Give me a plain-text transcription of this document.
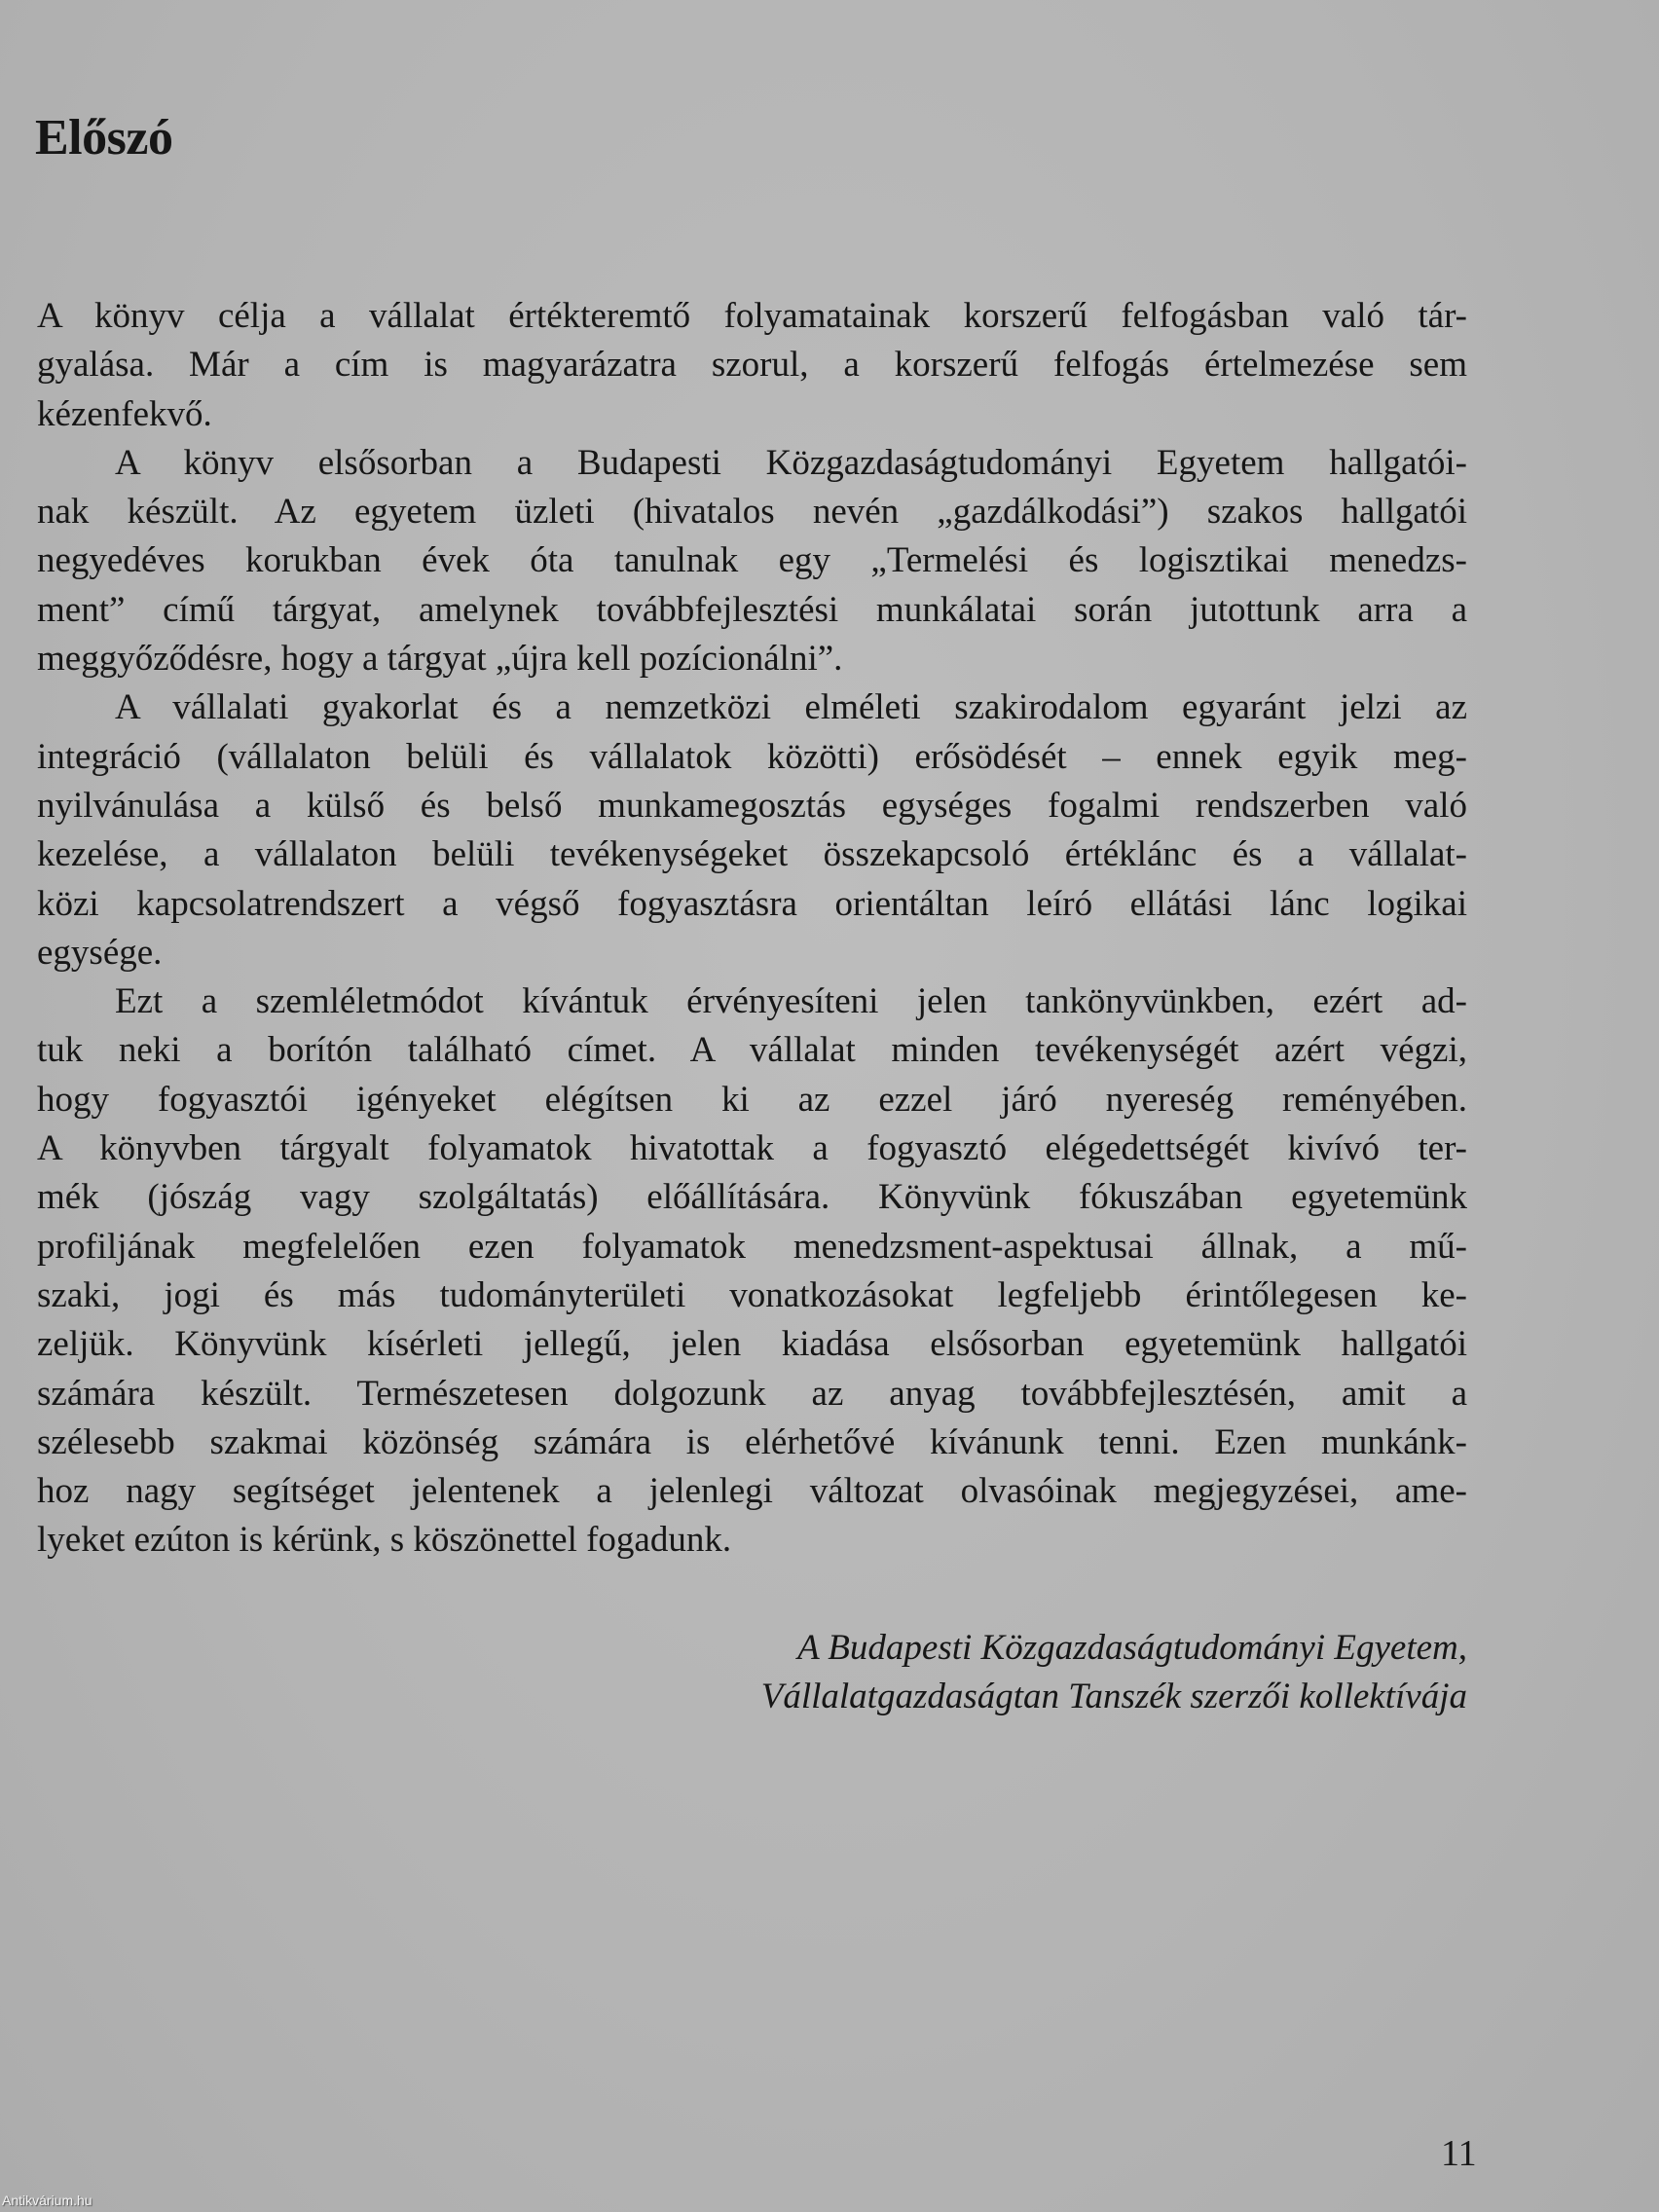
Előszó
A könyv célja a vállalat értékteremtő folyamatainak korszerű felfogásban való tár-
gyalása. Már a cím is magyarázatra szorul, a korszerű felfogás értelmezése sem
kézenfekvő.
A könyv elsősorban a Budapesti Közgazdaságtudományi Egyetem hallgatói-
nak készült. Az egyetem üzleti (hivatalos nevén „gazdálkodási”) szakos hallgatói
negyedéves korukban évek óta tanulnak egy „Termelési és logisztikai menedzs-
ment” című tárgyat, amelynek továbbfejlesztési munkálatai során jutottunk arra a
meggyőződésre, hogy a tárgyat „újra kell pozícionálni”.
A vállalati gyakorlat és a nemzetközi elméleti szakirodalom egyaránt jelzi az
integráció (vállalaton belüli és vállalatok közötti) erősödését – ennek egyik meg-
nyilvánulása a külső és belső munkamegosztás egységes fogalmi rendszerben való
kezelése, a vállalaton belüli tevékenységeket összekapcsoló értéklánc és a vállalat-
közi kapcsolatrendszert a végső fogyasztásra orientáltan leíró ellátási lánc logikai
egysége.
Ezt a szemléletmódot kívántuk érvényesíteni jelen tankönyvünkben, ezért ad-
tuk neki a borítón található címet. A vállalat minden tevékenységét azért végzi,
hogy fogyasztói igényeket elégítsen ki az ezzel járó nyereség reményében.
A könyvben tárgyalt folyamatok hivatottak a fogyasztó elégedettségét kivívó ter-
mék (jószág vagy szolgáltatás) előállítására. Könyvünk fókuszában egyetemünk
profiljának megfelelően ezen folyamatok menedzsment-aspektusai állnak, a mű-
szaki, jogi és más tudományterületi vonatkozásokat legfeljebb érintőlegesen ke-
zeljük. Könyvünk kísérleti jellegű, jelen kiadása elsősorban egyetemünk hallgatói
számára készült. Természetesen dolgozunk az anyag továbbfejlesztésén, amit a
szélesebb szakmai közönség számára is elérhetővé kívánunk tenni. Ezen munkánk-
hoz nagy segítséget jelentenek a jelenlegi változat olvasóinak megjegyzései, ame-
lyeket ezúton is kérünk, s köszönettel fogadunk.
A Budapesti Közgazdaságtudományi Egyetem,
Vállalatgazdaságtan Tanszék szerzői kollektívája
11
Antikvárium.hu
